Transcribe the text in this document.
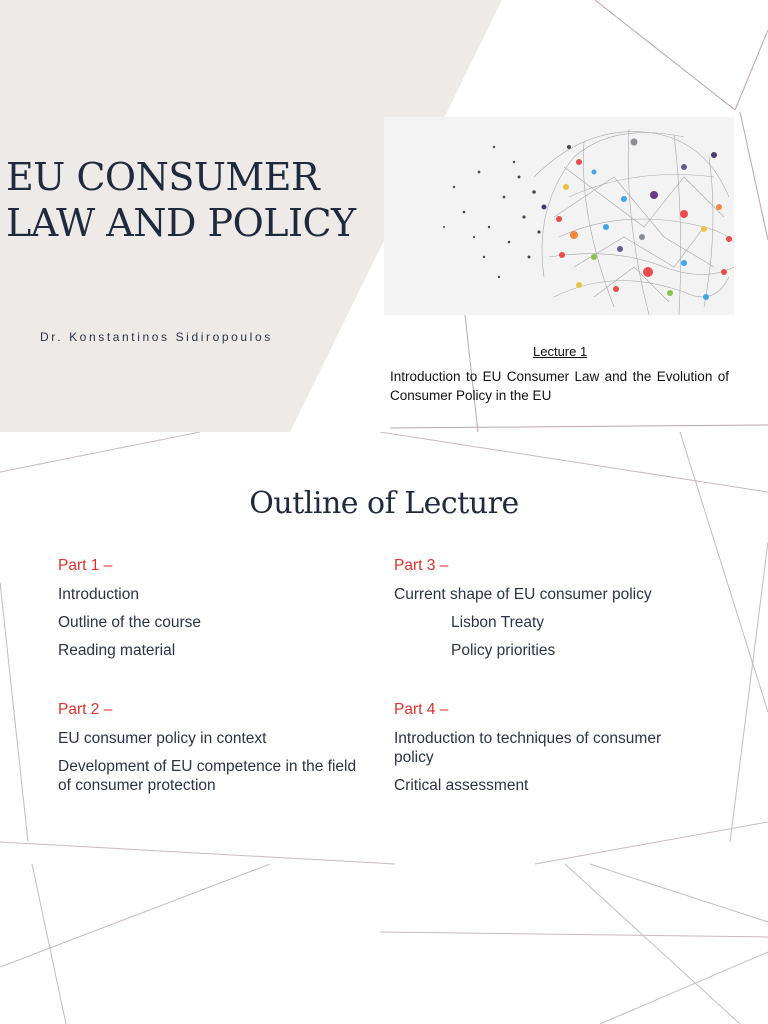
EU CONSUMER
LAW AND POLICY
Dr. Konstantinos Sidiropoulos
Lecture 1
Introduction to EU Consumer Law and the Evolution of Consumer Policy in the EU
Outline of Lecture
Part 1 –
Introduction
Outline of the course
Reading material
Part 2 –
EU consumer policy in context
Development of EU competence in the field of consumer protection
Part 3 –
Current shape of EU consumer policy
Lisbon Treaty
Policy priorities
Part 4 –
Introduction to techniques of consumer policy
Critical assessment
